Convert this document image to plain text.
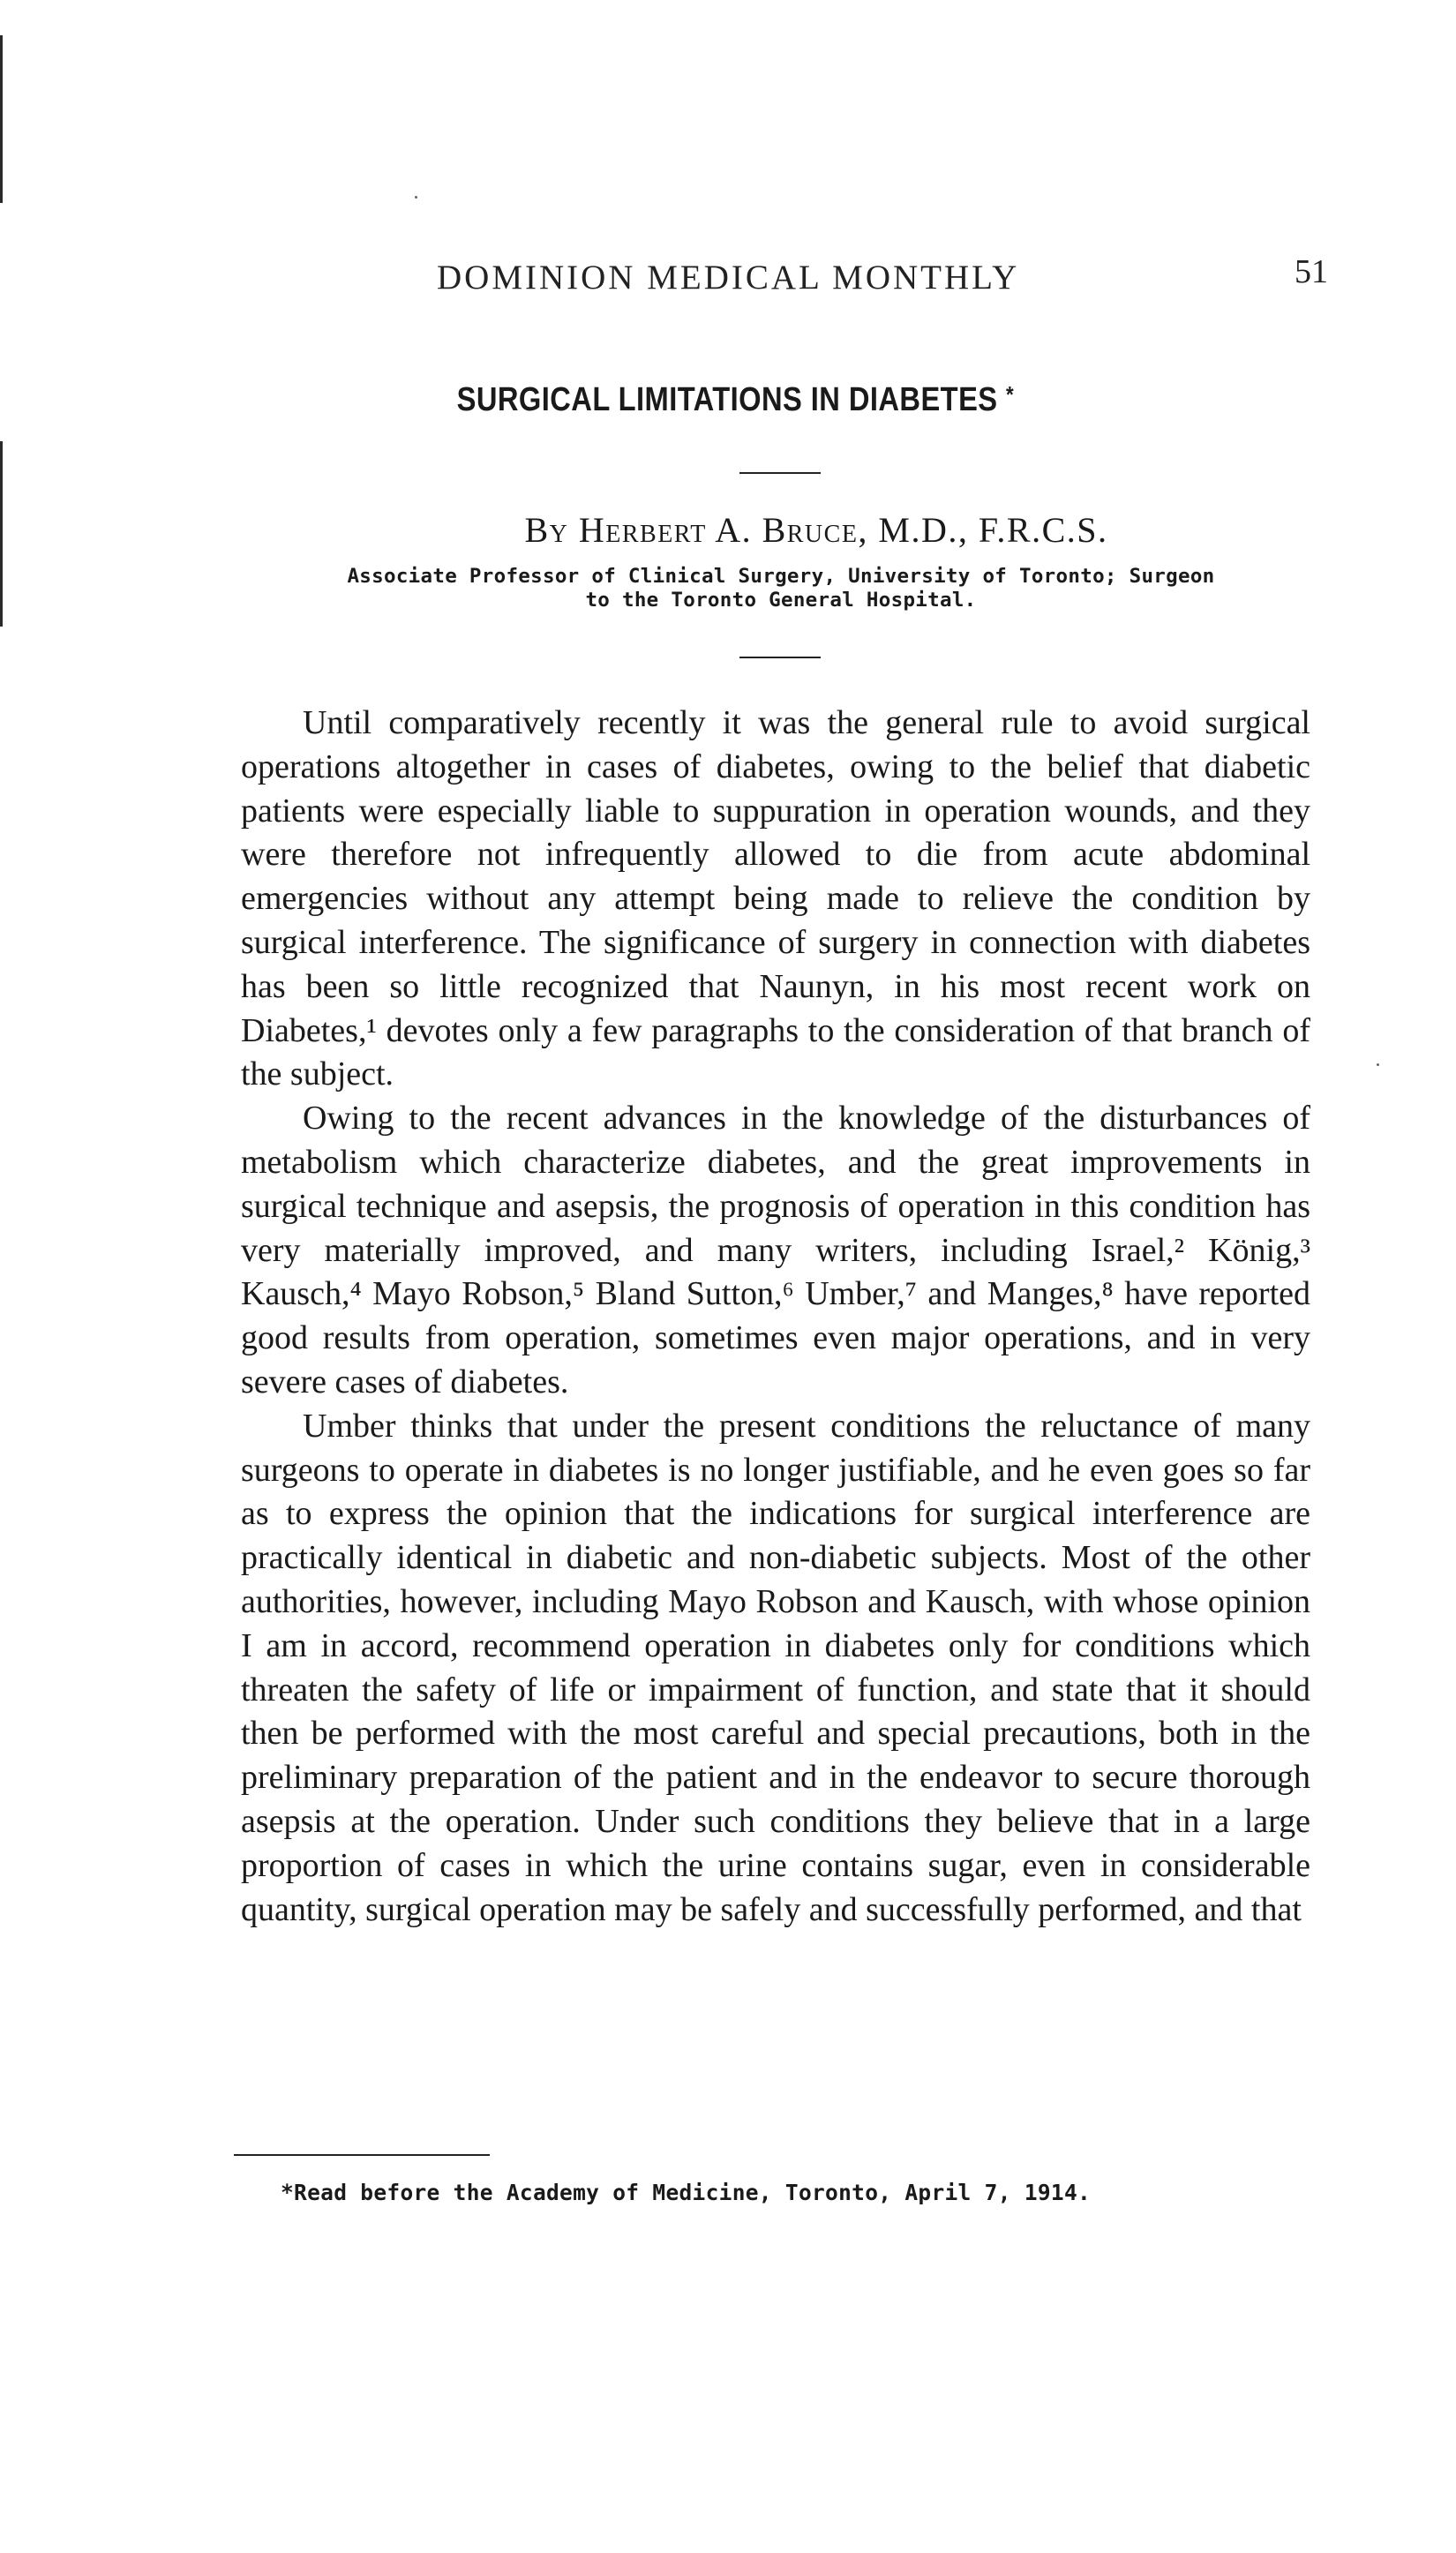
DOMINION MEDICAL MONTHLY	51
SURGICAL LIMITATIONS IN DIABETES *
By Herbert A. Bruce, M.D., F.R.C.S.
Associate Professor of Clinical Surgery, University of Toronto; Surgeon
to the Toronto General Hospital.

Until comparatively recently it was the general rule to avoid surgical operations altogether in cases of diabetes, owing to the belief that diabetic patients were especially liable to suppuration in operation wounds, and they were therefore not infrequently allowed to die from acute abdominal emergencies without any attempt being made to relieve the condition by surgical interference. The significance of surgery in connection with diabetes has been so little recognized that Naunyn, in his most recent work on Diabetes,¹ devotes only a few paragraphs to the consideration of that branch of the subject.

Owing to the recent advances in the knowledge of the disturbances of metabolism which characterize diabetes, and the great improvements in surgical technique and asepsis, the prognosis of operation in this condition has very materially improved, and many writers, including Israel,² König,³ Kausch,⁴ Mayo Robson,⁵ Bland Sutton,⁶ Umber,⁷ and Manges,⁸ have reported good results from operation, sometimes even major operations, and in very severe cases of diabetes.

Umber thinks that under the present conditions the reluctance of many surgeons to operate in diabetes is no longer justifiable, and he even goes so far as to express the opinion that the indications for surgical interference are practically identical in diabetic and non-diabetic subjects. Most of the other authorities, however, including Mayo Robson and Kausch, with whose opinion I am in accord, recommend operation in diabetes only for conditions which threaten the safety of life or impairment of function, and state that it should then be performed with the most careful and special precautions, both in the preliminary preparation of the patient and in the endeavor to secure thorough asepsis at the operation. Under such conditions they believe that in a large proportion of cases in which the urine contains sugar, even in considerable quantity, surgical operation may be safely and successfully performed, and that

*Read before the Academy of Medicine, Toronto, April 7, 1914.
